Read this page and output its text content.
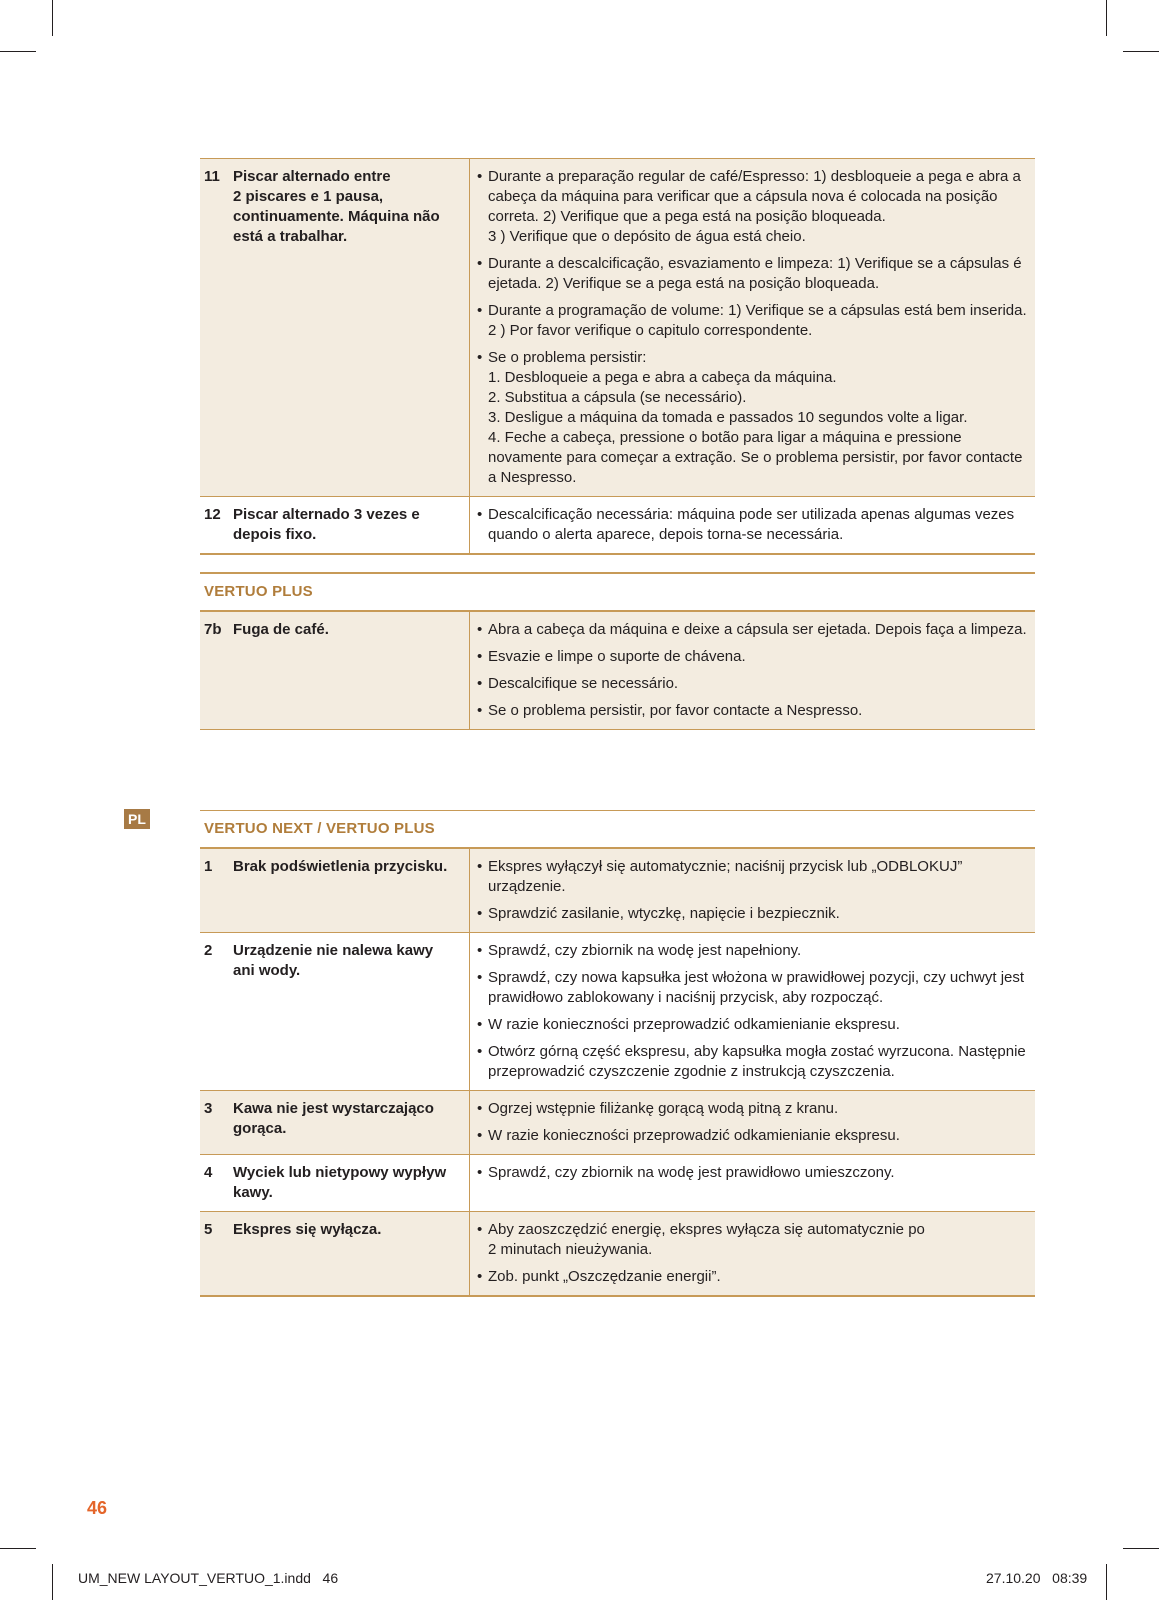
11 Piscar alternado entre
2 piscares e 1 pausa,
continuamente. Máquina não
está a trabalhar.
• Durante a preparação regular de café/Espresso: 1) desbloqueie a pega e abra a cabeça da máquina para verificar que a cápsula nova é colocada na posição correta. 2) Verifique que a pega está na posição bloqueada.
3 ) Verifique que o depósito de água está cheio.
• Durante a descalcificação, esvaziamento e limpeza: 1) Verifique se a cápsulas é ejetada. 2) Verifique se a pega está na posição bloqueada.
• Durante a programação de volume: 1) Verifique se a cápsulas está bem inserida. 2 ) Por favor verifique o capitulo correspondente.
• Se o problema persistir:
1. Desbloqueie a pega e abra a cabeça da máquina.
2. Substitua a cápsula (se necessário).
3. Desligue a máquina da tomada e passados 10 segundos volte a ligar.
4. Feche a cabeça, pressione o botão para ligar a máquina e pressione novamente para começar a extração. Se o problema persistir, por favor contacte a Nespresso.
12 Piscar alternado 3 vezes e
depois fixo.
• Descalcificação necessária: máquina pode ser utilizada apenas algumas vezes quando o alerta aparece, depois torna-se necessária.
VERTUO PLUS
7b Fuga de café.	• Abra a cabeça da máquina e deixe a cápsula ser ejetada. Depois faça a limpeza.
• Esvazie e limpe o suporte de chávena.
• Descalcifique se necessário.
• Se o problema persistir, por favor contacte a Nespresso.
PL
VERTUO NEXT / VERTUO PLUS
1	Brak podświetlenia przycisku.	• Ekspres wyłączył się automatycznie; naciśnij przycisk lub „ODBLOKUJ” urządzenie.
• Sprawdzić zasilanie, wtyczkę, napięcie i bezpiecznik.
2	Urządzenie nie nalewa kawy
ani wody.
• Sprawdź, czy zbiornik na wodę jest napełniony.
• Sprawdź, czy nowa kapsułka jest włożona w prawidłowej pozycji, czy uchwyt jest prawidłowo zablokowany i naciśnij przycisk, aby rozpocząć.
• W razie konieczności przeprowadzić odkamienianie ekspresu.
• Otwórz górną część ekspresu, aby kapsułka mogła zostać wyrzucona. Następnie przeprowadzić czyszczenie zgodnie z instrukcją czyszczenia.
3	Kawa nie jest wystarczająco
gorąca.
• Ogrzej wstępnie filiżankę gorącą wodą pitną z kranu.
• W razie konieczności przeprowadzić odkamienianie ekspresu.
4	Wyciek lub nietypowy wypływ
kawy.
• Sprawdź, czy zbiornik na wodę jest prawidłowo umieszczony.
5	Ekspres się wyłącza.	• Aby zaoszczędzić energię, ekspres wyłącza się automatycznie po
2 minutach nieużywania.
• Zob. punkt „Oszczędzanie energii”.
46
UM_NEW LAYOUT_VERTUO_1.indd   46	27.10.20   08:39
